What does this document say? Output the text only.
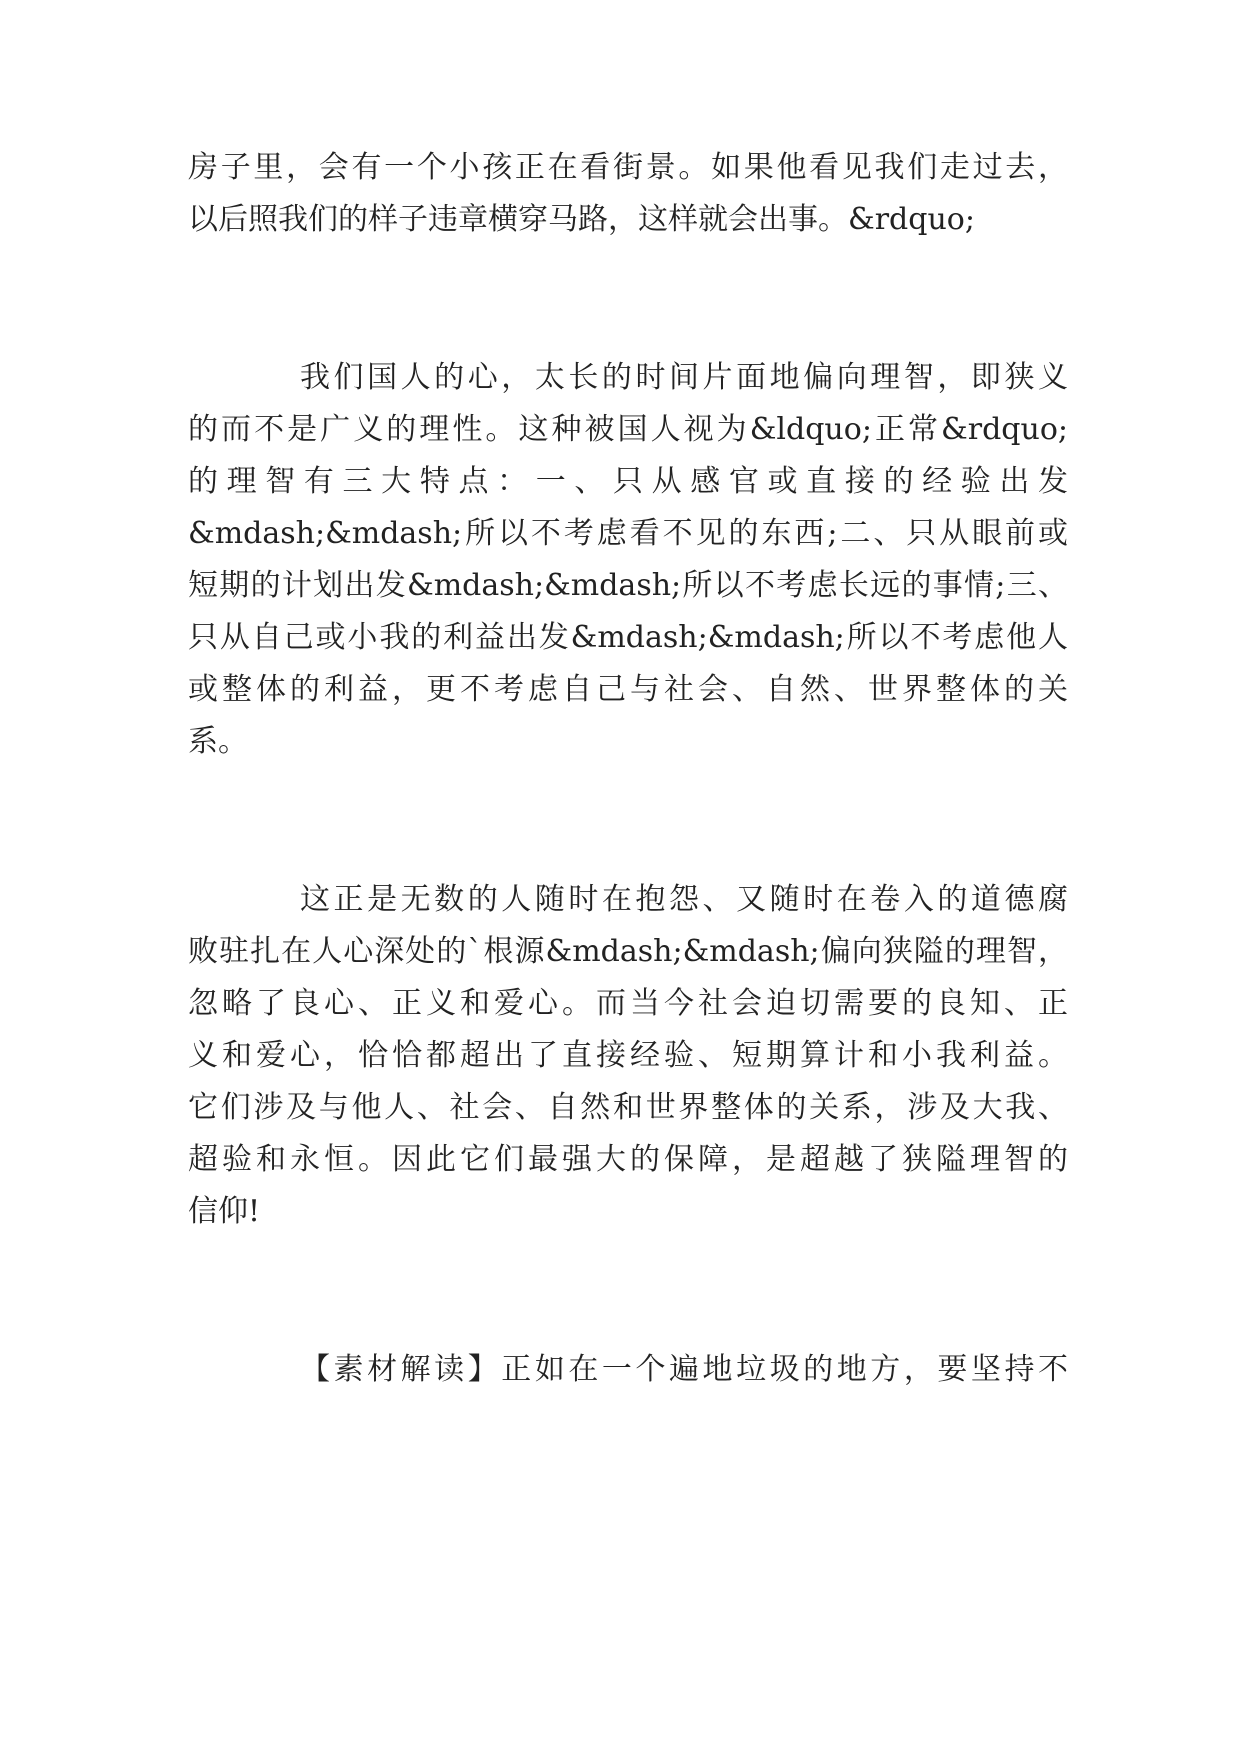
房子里，会有一个小孩正在看街景。如果他看见我们走过去，
以后照我们的样子违章横穿马路，这样就会出事。&rdquo;
我们国人的心，太长的时间片面地偏向理智，即狭义
的而不是广义的理性。这种被国人视为&ldquo;正常&rdquo;
的理智有三大特点：一、只从感官或直接的经验出发
&mdash;&mdash;所以不考虑看不见的东西;二、只从眼前或
短期的计划出发&mdash;&mdash;所以不考虑长远的事情;三、
只从自己或小我的利益出发&mdash;&mdash;所以不考虑他人
或整体的利益，更不考虑自己与社会、自然、世界整体的关
系。
这正是无数的人随时在抱怨、又随时在卷入的道德腐
败驻扎在人心深处的`根源&mdash;&mdash;偏向狭隘的理智，
忽略了良心、正义和爱心。而当今社会迫切需要的良知、正
义和爱心，恰恰都超出了直接经验、短期算计和小我利益。
它们涉及与他人、社会、自然和世界整体的关系，涉及大我、
超验和永恒。因此它们最强大的保障，是超越了狭隘理智的
信仰!
【素材解读】正如在一个遍地垃圾的地方，要坚持不
